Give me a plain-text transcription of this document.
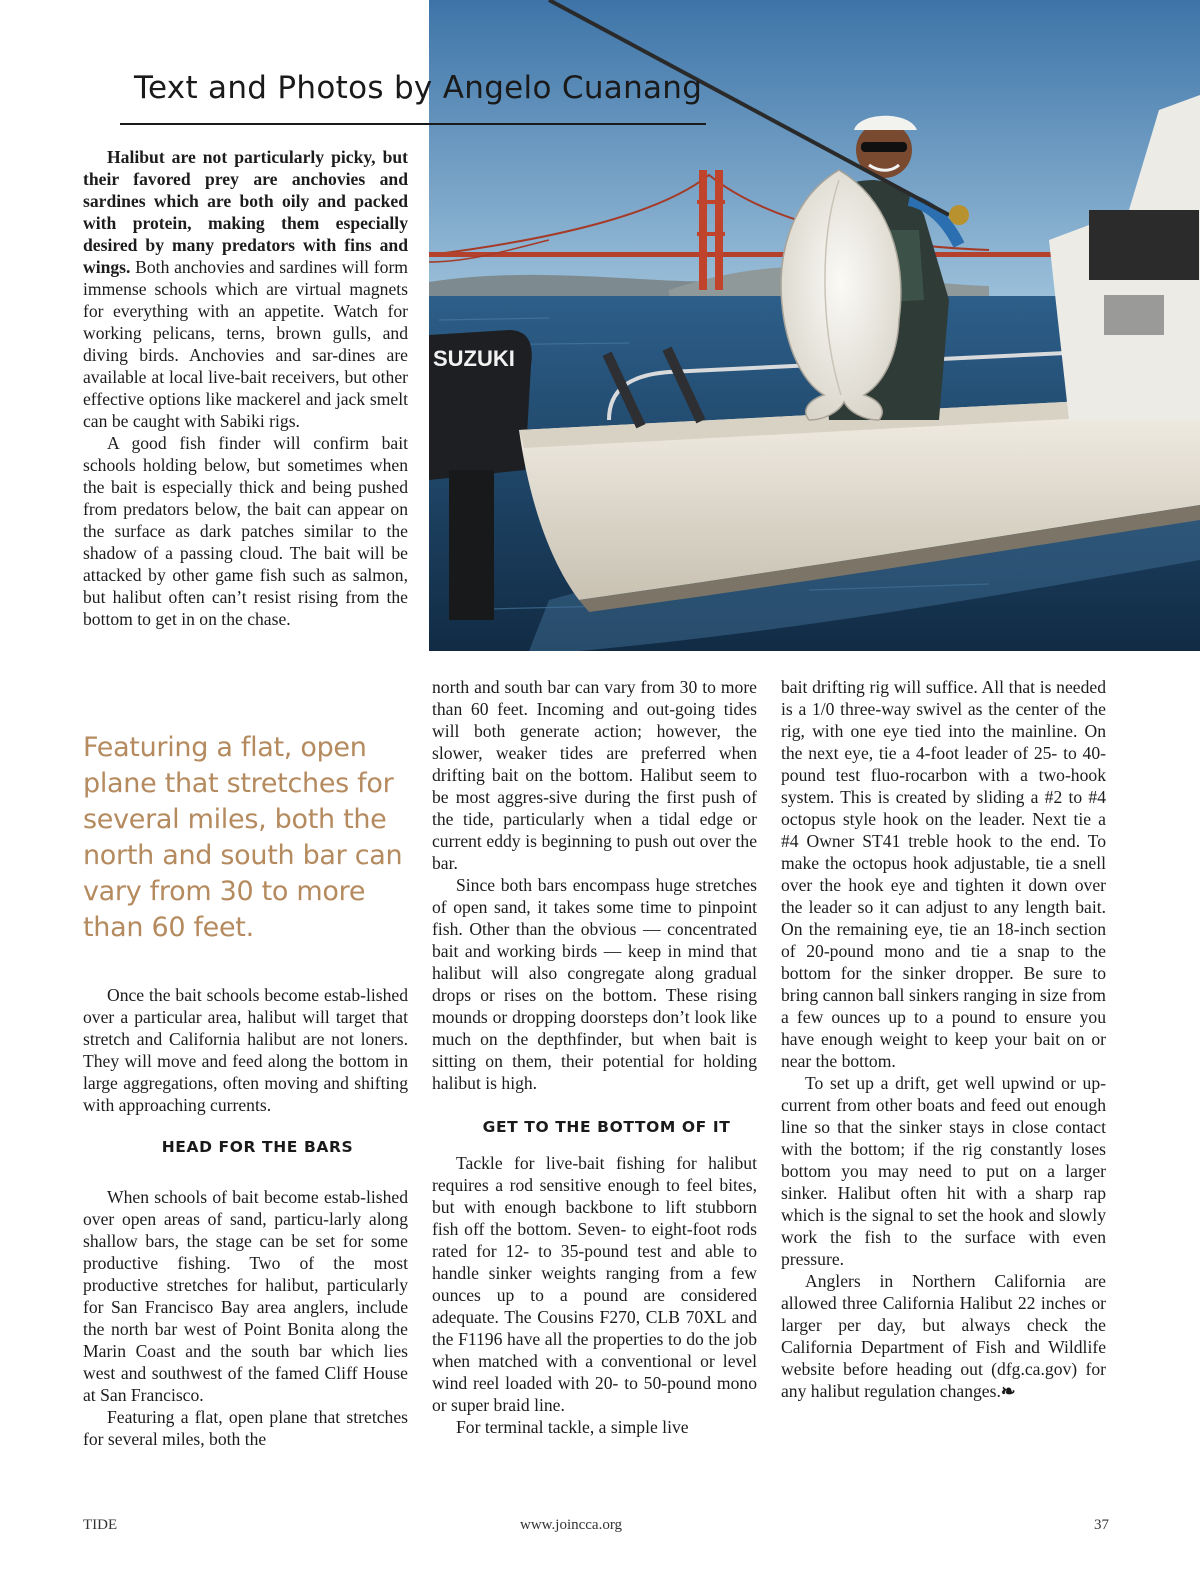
Text and Photos by Angelo Cuanang
SUZUKI

Halibut are not particularly picky, but their favored prey are anchovies and sardines which are both oily and packed with protein, making them especially desired by many predators with fins and wings. Both anchovies and sardines will form immense schools which are virtual magnets for everything with an appetite. Watch for working pelicans, terns, brown gulls, and diving birds. Anchovies and sar-dines are available at local live-bait receivers, but other effective options like mackerel and jack smelt can be caught with Sabiki rigs.

A good fish finder will confirm bait schools holding below, but sometimes when the bait is especially thick and being pushed from predators below, the bait can appear on the surface as dark patches similar to the shadow of a passing cloud. The bait will be attacked by other game fish such as salmon, but halibut often can’t resist rising from the bottom to get in on the chase.

Featuring a flat, open plane that stretches for several miles, both the north and south bar can vary from 30 to more than 60 feet.

Once the bait schools become estab-lished over a particular area, halibut will target that stretch and California halibut are not loners. They will move and feed along the bottom in large aggregations, often moving and shifting with approaching currents.

HEAD FOR THE BARS

When schools of bait become estab-lished over open areas of sand, particu-larly along shallow bars, the stage can be set for some productive fishing. Two of the most productive stretches for halibut, particularly for San Francisco Bay area anglers, include the north bar west of Point Bonita along the Marin Coast and the south bar which lies west and southwest of the famed Cliff House at San Francisco.

Featuring a flat, open plane that stretches for several miles, both the

north and south bar can vary from 30 to more than 60 feet. Incoming and out-going tides will both generate action; however, the slower, weaker tides are preferred when drifting bait on the bottom. Halibut seem to be most aggres-sive during the first push of the tide, particularly when a tidal edge or current eddy is beginning to push out over the bar.

Since both bars encompass huge stretches of open sand, it takes some time to pinpoint fish. Other than the obvious — concentrated bait and working birds — keep in mind that halibut will also congregate along gradual drops or rises on the bottom. These rising mounds or dropping doorsteps don’t look like much on the depthfinder, but when bait is sitting on them, their potential for holding halibut is high.

GET TO THE BOTTOM OF IT

Tackle for live-bait fishing for halibut requires a rod sensitive enough to feel bites, but with enough backbone to lift stubborn fish off the bottom. Seven- to eight-foot rods rated for 12- to 35-pound test and able to handle sinker weights ranging from a few ounces up to a pound are considered adequate. The Cousins F270, CLB 70XL and the F1196 have all the properties to do the job when matched with a conventional or level wind reel loaded with 20- to 50-pound mono or super braid line.

For terminal tackle, a simple live

bait drifting rig will suffice. All that is needed is a 1/0 three-way swivel as the center of the rig, with one eye tied into the mainline. On the next eye, tie a 4-foot leader of 25- to 40-pound test fluo-rocarbon with a two-hook system. This is created by sliding a #2 to #4 octopus style hook on the leader. Next tie a #4 Owner ST41 treble hook to the end. To make the octopus hook adjustable, tie a snell over the hook eye and tighten it down over the leader so it can adjust to any length bait. On the remaining eye, tie an 18-inch section of 20-pound mono and tie a snap to the bottom for the sinker dropper. Be sure to bring cannon ball sinkers ranging in size from a few ounces up to a pound to ensure you have enough weight to keep your bait on or near the bottom.

To set up a drift, get well upwind or up-current from other boats and feed out enough line so that the sinker stays in close contact with the bottom; if the rig constantly loses bottom you may need to put on a larger sinker. Halibut often hit with a sharp rap which is the signal to set the hook and slowly work the fish to the surface with even pressure.

Anglers in Northern California are allowed three California Halibut 22 inches or larger per day, but always check the California Department of Fish and Wildlife website before heading out (dfg.ca.gov) for any halibut regulation changes.❧

TIDE	www.joincca.org	37
